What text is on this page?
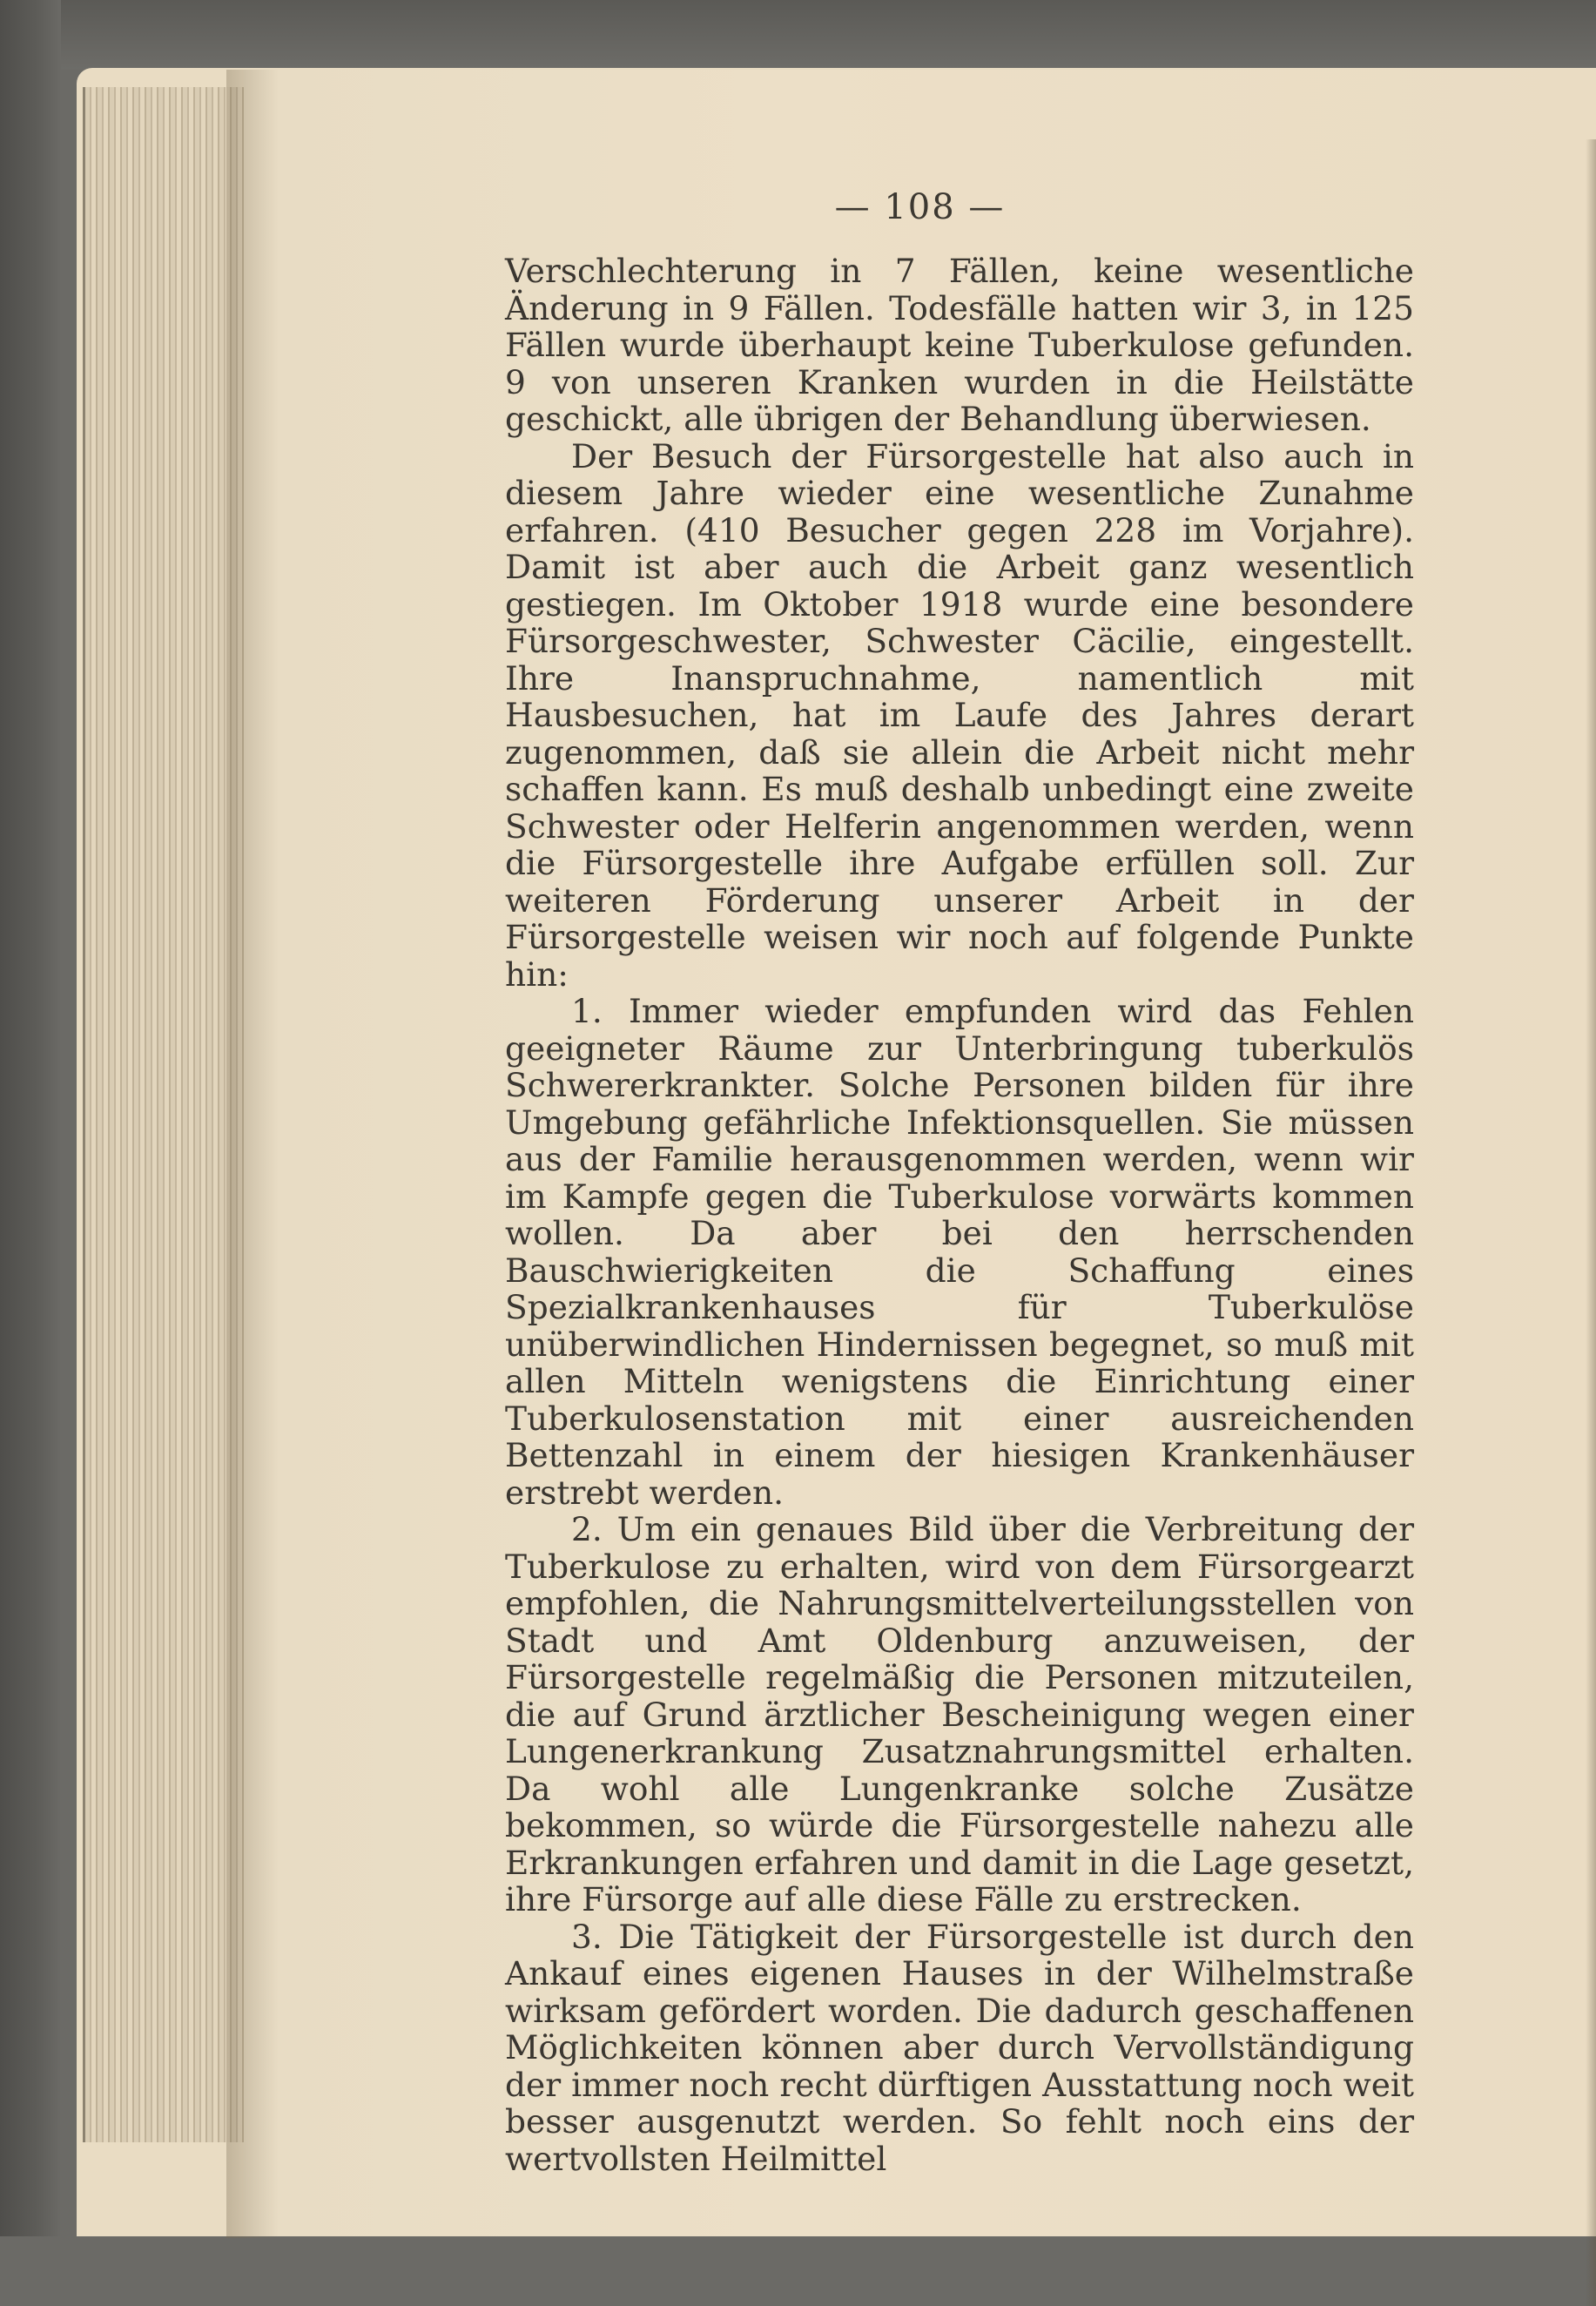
— 108 —

Verschlechterung in 7 Fällen, keine wesentliche Änderung in 9 Fällen. Todesfälle hatten wir 3, in 125 Fällen wurde überhaupt keine Tuberkulose gefunden. 9 von unseren Kranken wurden in die Heilstätte geschickt, alle übrigen der Behandlung überwiesen.

Der Besuch der Fürsorgestelle hat also auch in diesem Jahre wieder eine wesentliche Zunahme erfahren. (410 Besucher gegen 228 im Vorjahre). Damit ist aber auch die Arbeit ganz wesentlich gestiegen. Im Oktober 1918 wurde eine besondere Fürsorgeschwester, Schwester Cäcilie, eingestellt. Ihre Inanspruchnahme, namentlich mit Hausbesuchen, hat im Laufe des Jahres derart zugenommen, daß sie allein die Arbeit nicht mehr schaffen kann. Es muß deshalb unbedingt eine zweite Schwester oder Helferin angenommen werden, wenn die Fürsorgestelle ihre Aufgabe erfüllen soll. Zur weiteren Förderung unserer Arbeit in der Fürsorgestelle weisen wir noch auf folgende Punkte hin:

1. Immer wieder empfunden wird das Fehlen geeigneter Räume zur Unterbringung tuberkulös Schwererkrankter. Solche Personen bilden für ihre Umgebung gefährliche Infektionsquellen. Sie müssen aus der Familie herausgenommen werden, wenn wir im Kampfe gegen die Tuberkulose vorwärts kommen wollen. Da aber bei den herrschenden Bauschwierigkeiten die Schaffung eines Spezialkrankenhauses für Tuberkulöse unüberwindlichen Hindernissen begegnet, so muß mit allen Mitteln wenigstens die Einrichtung einer Tuberkulosenstation mit einer ausreichenden Bettenzahl in einem der hiesigen Krankenhäuser erstrebt werden.

2. Um ein genaues Bild über die Verbreitung der Tuberkulose zu erhalten, wird von dem Fürsorgearzt empfohlen, die Nahrungsmittelverteilungsstellen von Stadt und Amt Oldenburg anzuweisen, der Fürsorgestelle regelmäßig die Personen mitzuteilen, die auf Grund ärztlicher Bescheinigung wegen einer Lungenerkrankung Zusatznahrungsmittel erhalten. Da wohl alle Lungenkranke solche Zusätze bekommen, so würde die Fürsorgestelle nahezu alle Erkrankungen erfahren und damit in die Lage gesetzt, ihre Fürsorge auf alle diese Fälle zu erstrecken.

3. Die Tätigkeit der Fürsorgestelle ist durch den Ankauf eines eigenen Hauses in der Wilhelmstraße wirksam gefördert worden. Die dadurch geschaffenen Möglichkeiten können aber durch Vervollständigung der immer noch recht dürftigen Ausstattung noch weit besser ausgenutzt werden. So fehlt noch eins der wertvollsten Heilmittel
